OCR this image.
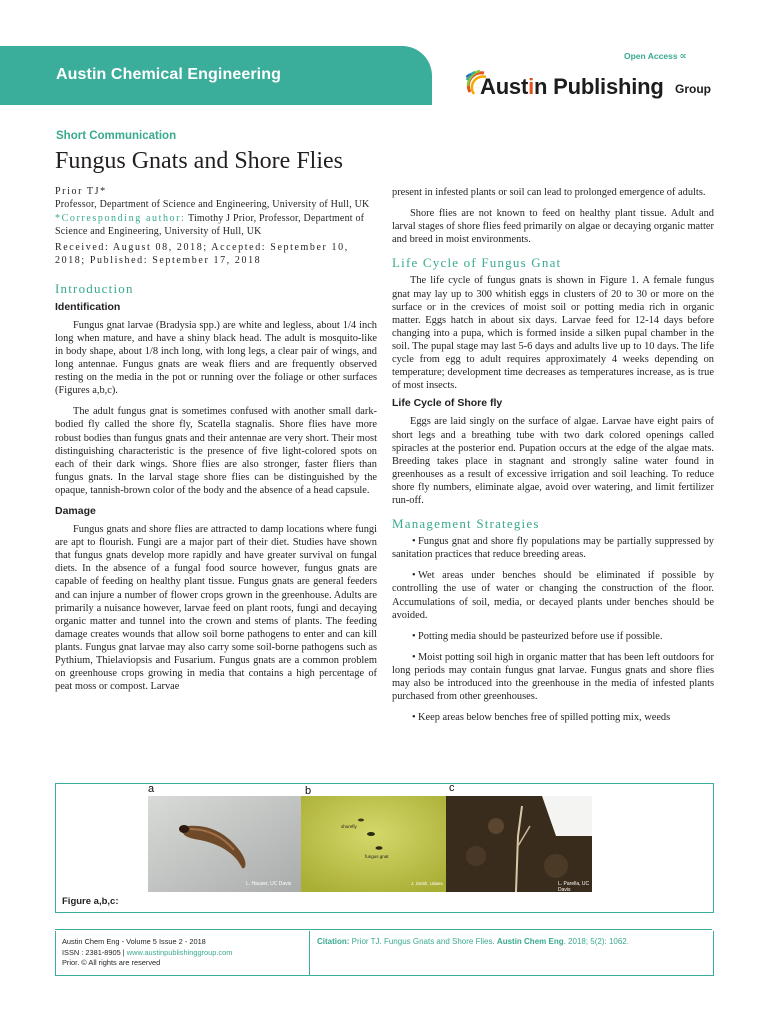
Austin Chemical Engineering
Open Access ∝
Austin Publishing Group
Short Communication
Fungus Gnats and Shore Flies

Prior TJ*

Professor, Department of Science and Engineering, University of Hull, UK

*Corresponding author: Timothy J Prior, Professor, Department of Science and Engineering, University of Hull, UK

Received: August 08, 2018; Accepted: September 10, 2018; Published: September 17, 2018

Introduction
Identification

Fungus gnat larvae (Bradysia spp.) are white and legless, about 1/4 inch long when mature, and have a shiny black head. The adult is mosquito-like in body shape, about 1/8 inch long, with long legs, a clear pair of wings, and long antennae. Fungus gnats are weak fliers and are frequently observed resting on the media in the pot or running over the foliage or other surfaces (Figures a,b,c).

The adult fungus gnat is sometimes confused with another small dark-bodied fly called the shore fly, Scatella stagnalis. Shore flies have more robust bodies than fungus gnats and their antennae are very short. Their most distinguishing characteristic is the presence of five light-colored spots on each of their dark wings. Shore flies are also stronger, faster fliers than fungus gnats. In the larval stage shore flies can be distinguished by the opaque, tannish-brown color of the body and the absence of a head capsule.

Damage

Fungus gnats and shore flies are attracted to damp locations where fungi are apt to flourish. Fungi are a major part of their diet. Studies have shown that fungus gnats develop more rapidly and have greater survival on fungal diets. In the absence of a fungal food source however, fungus gnats are capable of feeding on healthy plant tissue. Fungus gnats are general feeders and can injure a number of flower crops grown in the greenhouse. Adults are primarily a nuisance however, larvae feed on plant roots, fungi and decaying organic matter and tunnel into the crown and stems of plants. The feeding damage creates wounds that allow soil borne pathogens to enter and can kill plants. Fungus gnat larvae may also carry some soil-borne pathogens such as Pythium, Thielaviopsis and Fusarium. Fungus gnats are a common problem on greenhouse crops growing in media that contains a high percentage of peat moss or compost. Larvae

present in infested plants or soil can lead to prolonged emergence of adults.

Shore flies are not known to feed on healthy plant tissue. Adult and larval stages of shore flies feed primarily on algae or decaying organic matter and breed in moist environments.

Life Cycle of Fungus Gnat

The life cycle of fungus gnats is shown in Figure 1. A female fungus gnat may lay up to 300 whitish eggs in clusters of 20 to 30 or more on the surface or in the crevices of moist soil or potting media rich in organic matter. Eggs hatch in about six days. Larvae feed for 12-14 days before changing into a pupa, which is formed inside a silken pupal chamber in the soil. The pupal stage may last 5-6 days and adults live up to 10 days. The life cycle from egg to adult requires approximately 4 weeks depending on temperature; development time decreases as temperatures increase, as is true of most insects.

Life Cycle of Shore fly

Eggs are laid singly on the surface of algae. Larvae have eight pairs of short legs and a breathing tube with two dark colored openings called spiracles at the posterior end. Pupation occurs at the edge of the algae mats. Breeding takes place in stagnant and strongly saline water found in greenhouses as a result of excessive irrigation and soil leaching. To reduce shore fly numbers, eliminate algae, avoid over watering, and limit fertilizer run-off.

Management Strategies

• Fungus gnat and shore fly populations may be partially suppressed by sanitation practices that reduce breeding areas.

• Wet areas under benches should be eliminated if possible by controlling the use of water or changing the construction of the floor. Accumulations of soil, media, or decayed plants under benches should be avoided.

• Potting media should be pasteurized before use if possible.

• Moist potting soil high in organic matter that has been left outdoors for long periods may contain fungus gnat larvae. Fungus gnats and shore flies may also be introduced into the greenhouse in the media of infested plants purchased from other greenhouses.

• Keep areas below benches free of spilled potting mix, weeds

L. Hauser, UC Davis
a
shorefly
fungus gnat
J. Smith, Udaes
b
L. Parella, UC Davis
c
Figure a,b,c:
Austin Chem Eng - Volume 5 Issue 2 - 2018
ISSN : 2381-8905 | www.austinpublishinggroup.com
Prior. © All rights are reserved
Citation: Prior TJ. Fungus Gnats and Shore Flies. Austin Chem Eng. 2018; 5(2): 1062.
